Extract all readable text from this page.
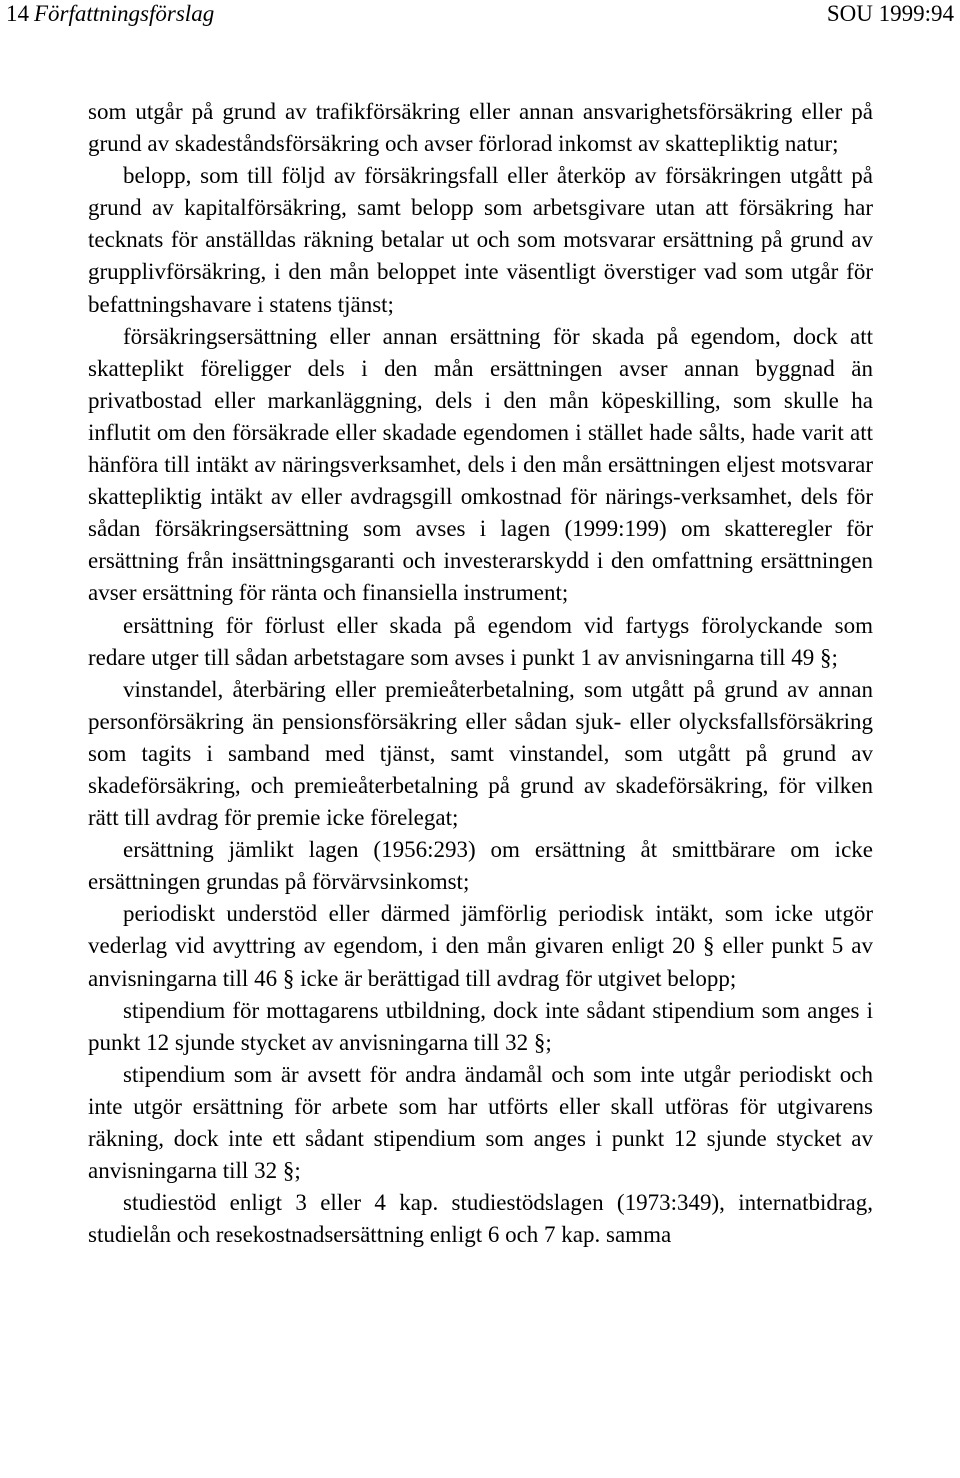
14 Författningsförslag	SOU 1999:94

som utgår på grund av trafikförsäkring eller annan ansvarighetsförsäkring eller på grund av skadeståndsförsäkring och avser förlorad inkomst av skattepliktig natur;

belopp, som till följd av försäkringsfall eller återköp av försäkringen utgått på grund av kapitalförsäkring, samt belopp som arbetsgivare utan att försäkring har tecknats för anställdas räkning betalar ut och som motsvarar ersättning på grund av grupplivförsäkring, i den mån beloppet inte väsentligt överstiger vad som utgår för befattningshavare i statens tjänst;

försäkringsersättning eller annan ersättning för skada på egendom, dock att skatteplikt föreligger dels i den mån ersättningen avser annan byggnad än privatbostad eller markanläggning, dels i den mån köpeskilling, som skulle ha influtit om den försäkrade eller skadade egendomen i stället hade sålts, hade varit att hänföra till intäkt av näringsverksamhet, dels i den mån ersättningen eljest motsvarar skattepliktig intäkt av eller avdragsgill omkostnad för närings-verksamhet, dels för sådan försäkringsersättning som avses i lagen (1999:199) om skatteregler för ersättning från insättningsgaranti och investerarskydd i den omfattning ersättningen avser ersättning för ränta och finansiella instrument;

ersättning för förlust eller skada på egendom vid fartygs förolyckande som redare utger till sådan arbetstagare som avses i punkt 1 av anvisningarna till 49 §;

vinstandel, återbäring eller premieåterbetalning, som utgått på grund av annan personförsäkring än pensionsförsäkring eller sådan sjuk- eller olycksfallsförsäkring som tagits i samband med tjänst, samt vinstandel, som utgått på grund av skadeförsäkring, och premieåterbetalning på grund av skadeförsäkring, för vilken rätt till avdrag för premie icke förelegat;

ersättning jämlikt lagen (1956:293) om ersättning åt smittbärare om icke ersättningen grundas på förvärvsinkomst;

periodiskt understöd eller därmed jämförlig periodisk intäkt, som icke utgör vederlag vid avyttring av egendom, i den mån givaren enligt 20 § eller punkt 5 av anvisningarna till 46 § icke är berättigad till avdrag för utgivet belopp;

stipendium för mottagarens utbildning, dock inte sådant stipendium som anges i punkt 12 sjunde stycket av anvisningarna till 32 §;

stipendium som är avsett för andra ändamål och som inte utgår periodiskt och inte utgör ersättning för arbete som har utförts eller skall utföras för utgivarens räkning, dock inte ett sådant stipendium som anges i punkt 12 sjunde stycket av anvisningarna till 32 §;

studiestöd enligt 3 eller 4 kap. studiestödslagen (1973:349), internatbidrag, studielån och resekostnadsersättning enligt 6 och 7 kap. samma
